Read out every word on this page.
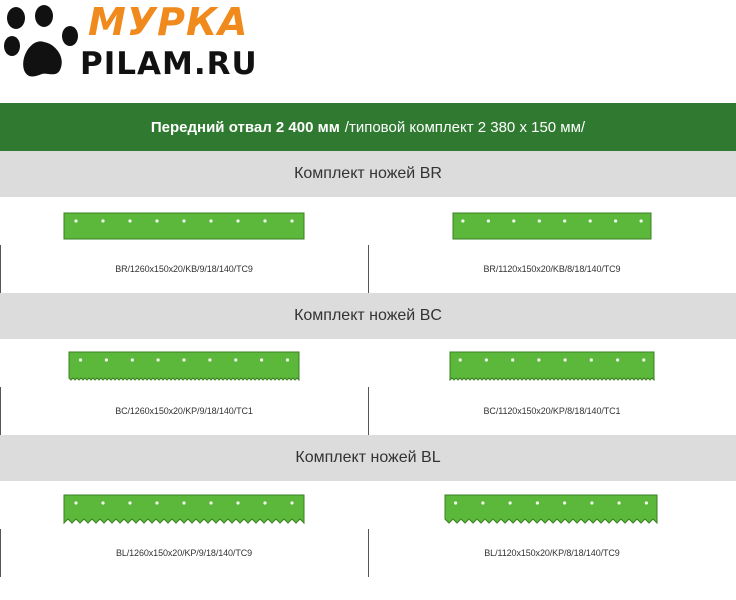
МУРКА
PILAM.RU
Передний отвал 2 400 мм /типовой комплект 2 380 х 150 мм/
Комплект ножей BR
BR/1260x150x20/KB/9/18/140/TC9	BR/1120x150x20/KB/8/18/140/TC9
Комплект ножей BC
BC/1260x150x20/KP/9/18/140/TC1	BC/1120x150x20/KP/8/18/140/TC1
Комплект ножей BL
BL/1260x150x20/KP/9/18/140/TC9	BL/1120x150x20/KP/8/18/140/TC9
